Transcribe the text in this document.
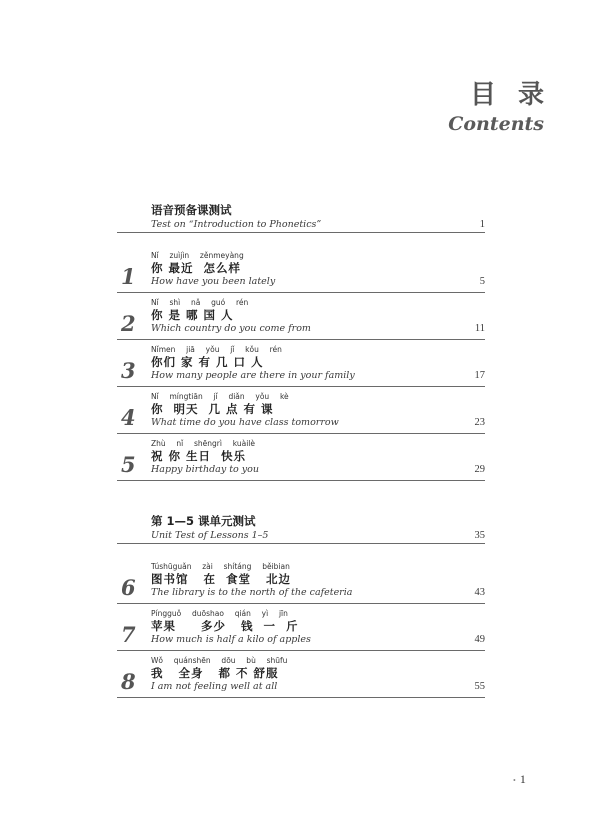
目录
Contents
语音预备课测试
Test on “Introduction to Phonetics”	1
1
Nǐ  zuìjìn  zěnmeyàng
你 最近  怎么样
How have you been lately	5
2
Nǐ  shì  nǎ  guó  rén
你 是 哪 国 人
Which country do you come from	11
3
Nǐmen  jiā  yǒu  jǐ  kǒu  rén
你们 家 有 几 口 人
How many people are there in your family	17
4
Nǐ  míngtiān  jǐ  diǎn  yǒu  kè
你  明天  几 点 有 课
What time do you have class tomorrow	23
5
Zhù  nǐ  shēngrì  kuàilè
祝 你 生日  快乐
Happy birthday to you	29
第 1—5 课单元测试
Unit Test of Lessons 1–5	35
6
Túshūguǎn  zài  shítáng  běibian
图书馆   在  食堂   北边
The library is to the north of the cafeteria	43
7
Píngguǒ  duōshao  qián  yì  jīn
苹果     多少   钱  一  斤
How much is half a kilo of apples	49
8
Wǒ  quánshēn  dōu  bù  shūfu
我   全身   都 不 舒服
I am not feeling well at all	55
• 1
